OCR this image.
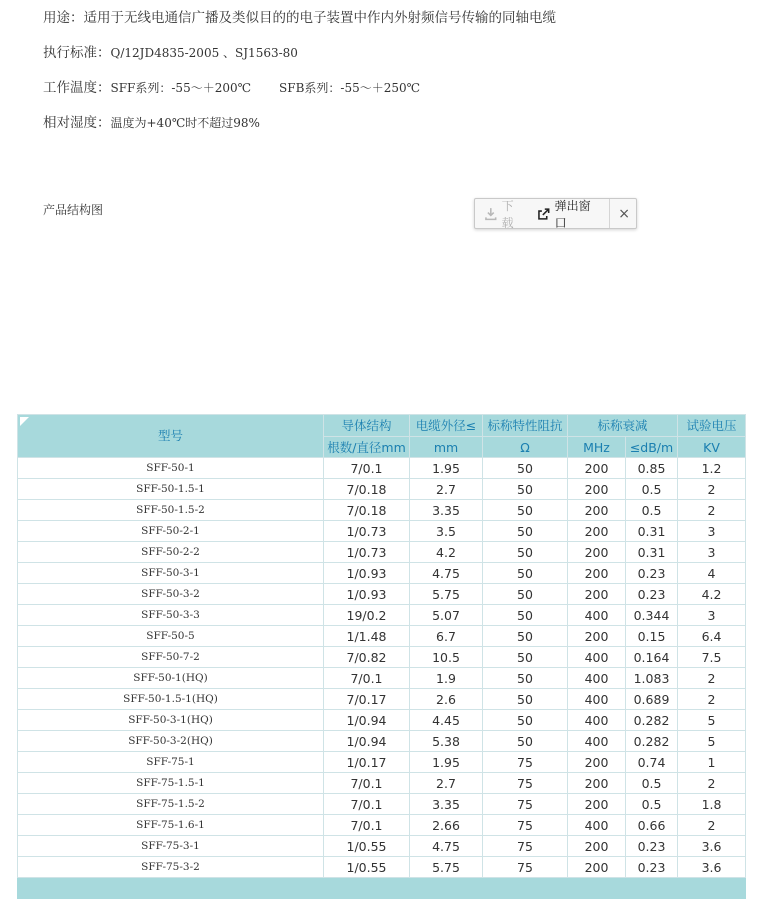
用途：适用于无线电通信广播及类似目的的电子装置中作内外射频信号传输的同轴电缆
执行标准：Q/12JD4835-2005 、SJ1563-80
工作温度：SFF系列：-55～＋200℃ SFB系列：-55～＋250℃
相对湿度：温度为+40℃时不超过98%
产品结构图	下载
弹出窗口
×
型号	导体结构	电缆外径≤	标称特性阻抗	标称衰减		试验电压
	根数/直径mm	mm	Ω	MHz	≤dB/m	KV
SFF-50-1	7/0.1	1.95	50	200	0.85	1.2
SFF-50-1.5-1	7/0.18	2.7	50	200	0.5	2
SFF-50-1.5-2	7/0.18	3.35	50	200	0.5	2
SFF-50-2-1	1/0.73	3.5	50	200	0.31	3
SFF-50-2-2	1/0.73	4.2	50	200	0.31	3
SFF-50-3-1	1/0.93	4.75	50	200	0.23	4
SFF-50-3-2	1/0.93	5.75	50	200	0.23	4.2
SFF-50-3-3	19/0.2	5.07	50	400	0.344	3
SFF-50-5	1/1.48	6.7	50	200	0.15	6.4
SFF-50-7-2	7/0.82	10.5	50	400	0.164	7.5
SFF-50-1(HQ)	7/0.1	1.9	50	400	1.083	2
SFF-50-1.5-1(HQ)	7/0.17	2.6	50	400	0.689	2
SFF-50-3-1(HQ)	1/0.94	4.45	50	400	0.282	5
SFF-50-3-2(HQ)	1/0.94	5.38	50	400	0.282	5
SFF-75-1	1/0.17	1.95	75	200	0.74	1
SFF-75-1.5-1	7/0.1	2.7	75	200	0.5	2
SFF-75-1.5-2	7/0.1	3.35	75	200	0.5	1.8
SFF-75-1.6-1	7/0.1	2.66	75	400	0.66	2
SFF-75-3-1	1/0.55	4.75	75	200	0.23	3.6
SFF-75-3-2	1/0.55	5.75	75	200	0.23	3.6
